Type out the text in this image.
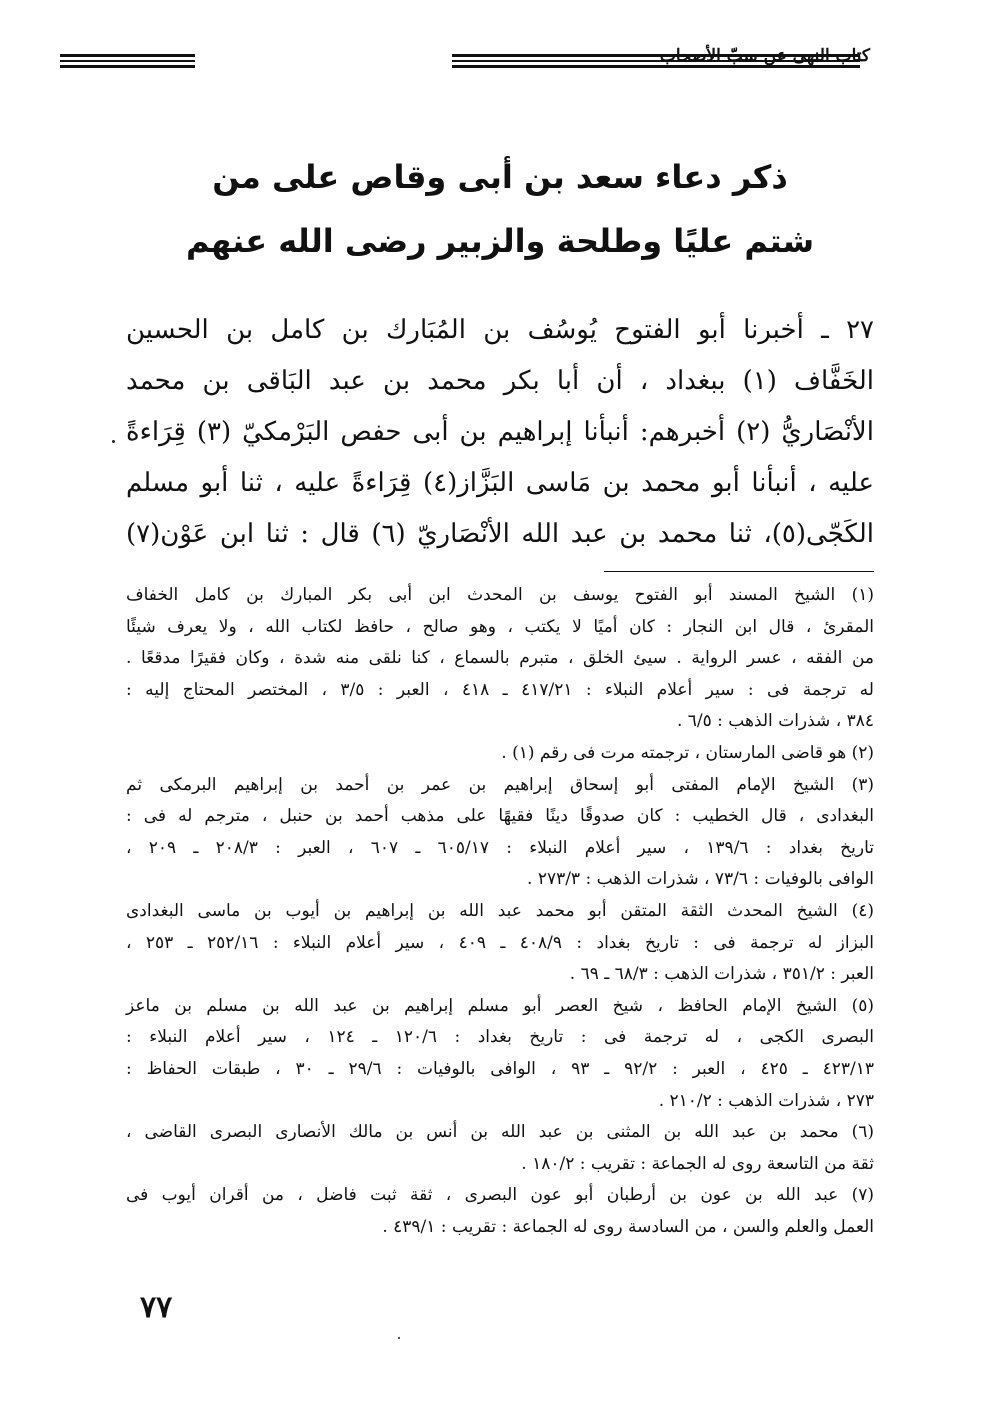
كتاب النهى عن سبّ الأصحاب
ذكر دعاء سعد بن أبى وقاص على من
شتم عليًا وطلحة والزبير رضى الله عنهم
٢٧ ـ أخبرنا أبو الفتوح يُوسُف بن المُبَارك بن كامل بن الحسين
الخَفَّاف (١) ببغداد ، أن أبا بكر محمد بن عبد البَاقى بن محمد
الأنْصَاريُّ (٢) أخبرهم: أنبأنا إبراهيم بن أبى حفص البَرْمكيّ (٣) قِرَاءةً
عليه ، أنبأنا أبو محمد بن مَاسى البَزَّاز(٤) قِرَاءةً عليه ، ثنا أبو مسلم
الكَجّى(٥)، ثنا محمد بن عبد الله الأنْصَاريّ (٦) قال : ثنا ابن عَوْن(٧)
(١) الشيخ المسند أبو الفتوح يوسف بن المحدث ابن أبى بكر المبارك بن كامل الخفاف
المقرئ ، قال ابن النجار : كان أميًا لا يكتب ، وهو صالح ، حافظ لكتاب الله ، ولا يعرف شيئًا
من الفقه ، عسر الرواية . سيئ الخلق ، متبرم بالسماع ، كنا نلقى منه شدة ، وكان فقيرًا مدقعًا .
له ترجمة فى : سير أعلام النبلاء : ٤١٧/٢١ ـ ٤١٨ ، العبر : ٣/٥ ، المختصر المحتاج إليه :
٣٨٤ ، شذرات الذهب : ٦/٥ .
(٢) هو قاضى المارستان ، ترجمته مرت فى رقم (١) .
(٣) الشيخ الإمام المفتى أبو إسحاق إبراهيم بن عمر بن أحمد بن إبراهيم البرمكى ثم
البغدادى ، قال الخطيب : كان صدوقًا دينًا فقيهًا على مذهب أحمد بن حنبل ، مترجم له فى :
تاريخ بغداد : ١٣٩/٦ ، سير أعلام النبلاء : ٦٠٥/١٧ ـ ٦٠٧ ، العبر : ٢٠٨/٣ ـ ٢٠٩ ،
الوافى بالوفيات : ٧٣/٦ ، شذرات الذهب : ٢٧٣/٣ .
(٤) الشيخ المحدث الثقة المتقن أبو محمد عبد الله بن إبراهيم بن أيوب بن ماسى البغدادى
البزاز له ترجمة فى : تاريخ بغداد : ٤٠٨/٩ ـ ٤٠٩ ، سير أعلام النبلاء : ٢٥٢/١٦ ـ ٢٥٣ ،
العبر : ٣٥١/٢ ، شذرات الذهب : ٦٨/٣ ـ ٦٩ .
(٥) الشيخ الإمام الحافظ ، شيخ العصر أبو مسلم إبراهيم بن عبد الله بن مسلم بن ماعز
البصرى الكجى ، له ترجمة فى : تاريخ بغداد : ١٢٠/٦ ـ ١٢٤ ، سير أعلام النبلاء :
٤٢٣/١٣ ـ ٤٢٥ ، العبر : ٩٢/٢ ـ ٩٣ ، الوافى بالوفيات : ٢٩/٦ ـ ٣٠ ، طبقات الحفاظ :
٢٧٣ ، شذرات الذهب : ٢١٠/٢ .
(٦) محمد بن عبد الله بن المثنى بن عبد الله بن أنس بن مالك الأنصارى البصرى القاضى ،
ثقة من التاسعة روى له الجماعة : تقريب : ١٨٠/٢ .
(٧) عبد الله بن عون بن أرطبان أبو عون البصرى ، ثقة ثبت فاضل ، من أقران أيوب فى
العمل والعلم والسن ، من السادسة روى له الجماعة : تقريب : ٤٣٩/١ .
٧٧
